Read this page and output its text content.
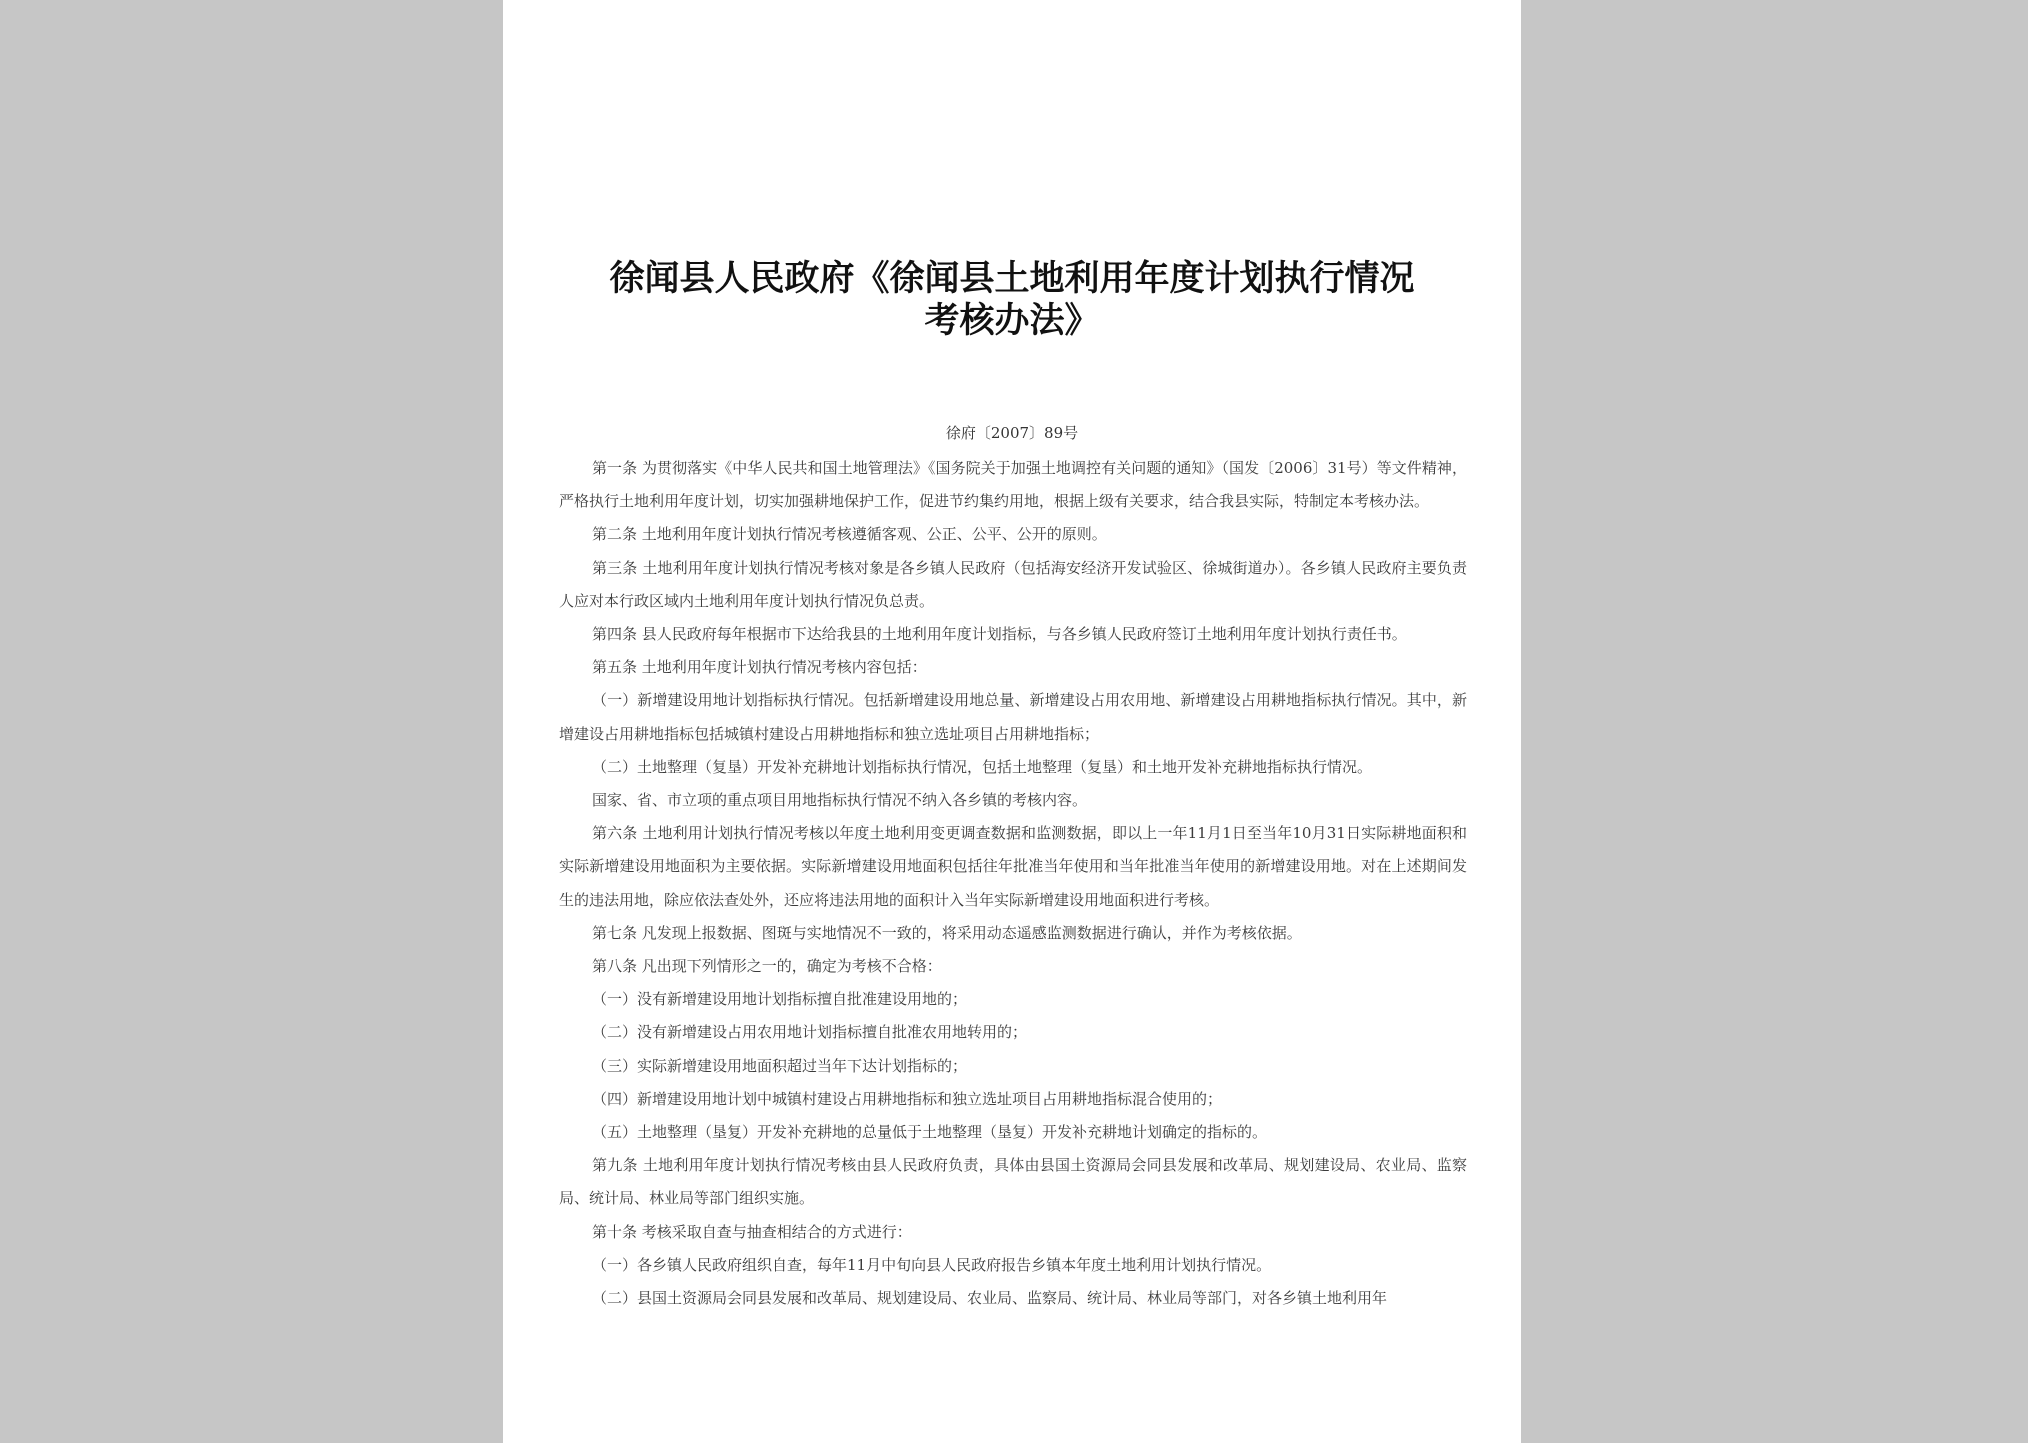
徐闻县人民政府《徐闻县土地利用年度计划执行情况
考核办法》
徐府〔2007〕89号

第一条 为贯彻落实《中华人民共和国土地管理法》《国务院关于加强土地调控有关问题的通知》（国发〔2006〕31号）等文件精神，严格执行土地利用年度计划，切实加强耕地保护工作，促进节约集约用地，根据上级有关要求，结合我县实际，特制定本考核办法。

第二条 土地利用年度计划执行情况考核遵循客观、公正、公平、公开的原则。

第三条 土地利用年度计划执行情况考核对象是各乡镇人民政府（包括海安经济开发试验区、徐城街道办）。各乡镇人民政府主要负责人应对本行政区域内土地利用年度计划执行情况负总责。

第四条 县人民政府每年根据市下达给我县的土地利用年度计划指标，与各乡镇人民政府签订土地利用年度计划执行责任书。

第五条 土地利用年度计划执行情况考核内容包括：

（一）新增建设用地计划指标执行情况。包括新增建设用地总量、新增建设占用农用地、新增建设占用耕地指标执行情况。其中，新增建设占用耕地指标包括城镇村建设占用耕地指标和独立选址项目占用耕地指标；

（二）土地整理（复垦）开发补充耕地计划指标执行情况，包括土地整理（复垦）和土地开发补充耕地指标执行情况。

国家、省、市立项的重点项目用地指标执行情况不纳入各乡镇的考核内容。

第六条 土地利用计划执行情况考核以年度土地利用变更调查数据和监测数据，即以上一年11月1日至当年10月31日实际耕地面积和实际新增建设用地面积为主要依据。实际新增建设用地面积包括往年批准当年使用和当年批准当年使用的新增建设用地。对在上述期间发生的违法用地，除应依法查处外，还应将违法用地的面积计入当年实际新增建设用地面积进行考核。

第七条 凡发现上报数据、图斑与实地情况不一致的，将采用动态遥感监测数据进行确认，并作为考核依据。

第八条 凡出现下列情形之一的，确定为考核不合格：

（一）没有新增建设用地计划指标擅自批准建设用地的；

（二）没有新增建设占用农用地计划指标擅自批准农用地转用的；

（三）实际新增建设用地面积超过当年下达计划指标的；

（四）新增建设用地计划中城镇村建设占用耕地指标和独立选址项目占用耕地指标混合使用的；

（五）土地整理（垦复）开发补充耕地的总量低于土地整理（垦复）开发补充耕地计划确定的指标的。

第九条 土地利用年度计划执行情况考核由县人民政府负责，具体由县国土资源局会同县发展和改革局、规划建设局、农业局、监察局、统计局、林业局等部门组织实施。

第十条 考核采取自查与抽查相结合的方式进行：

（一）各乡镇人民政府组织自查，每年11月中旬向县人民政府报告乡镇本年度土地利用计划执行情况。

（二）县国土资源局会同县发展和改革局、规划建设局、农业局、监察局、统计局、林业局等部门，对各乡镇土地利用年
